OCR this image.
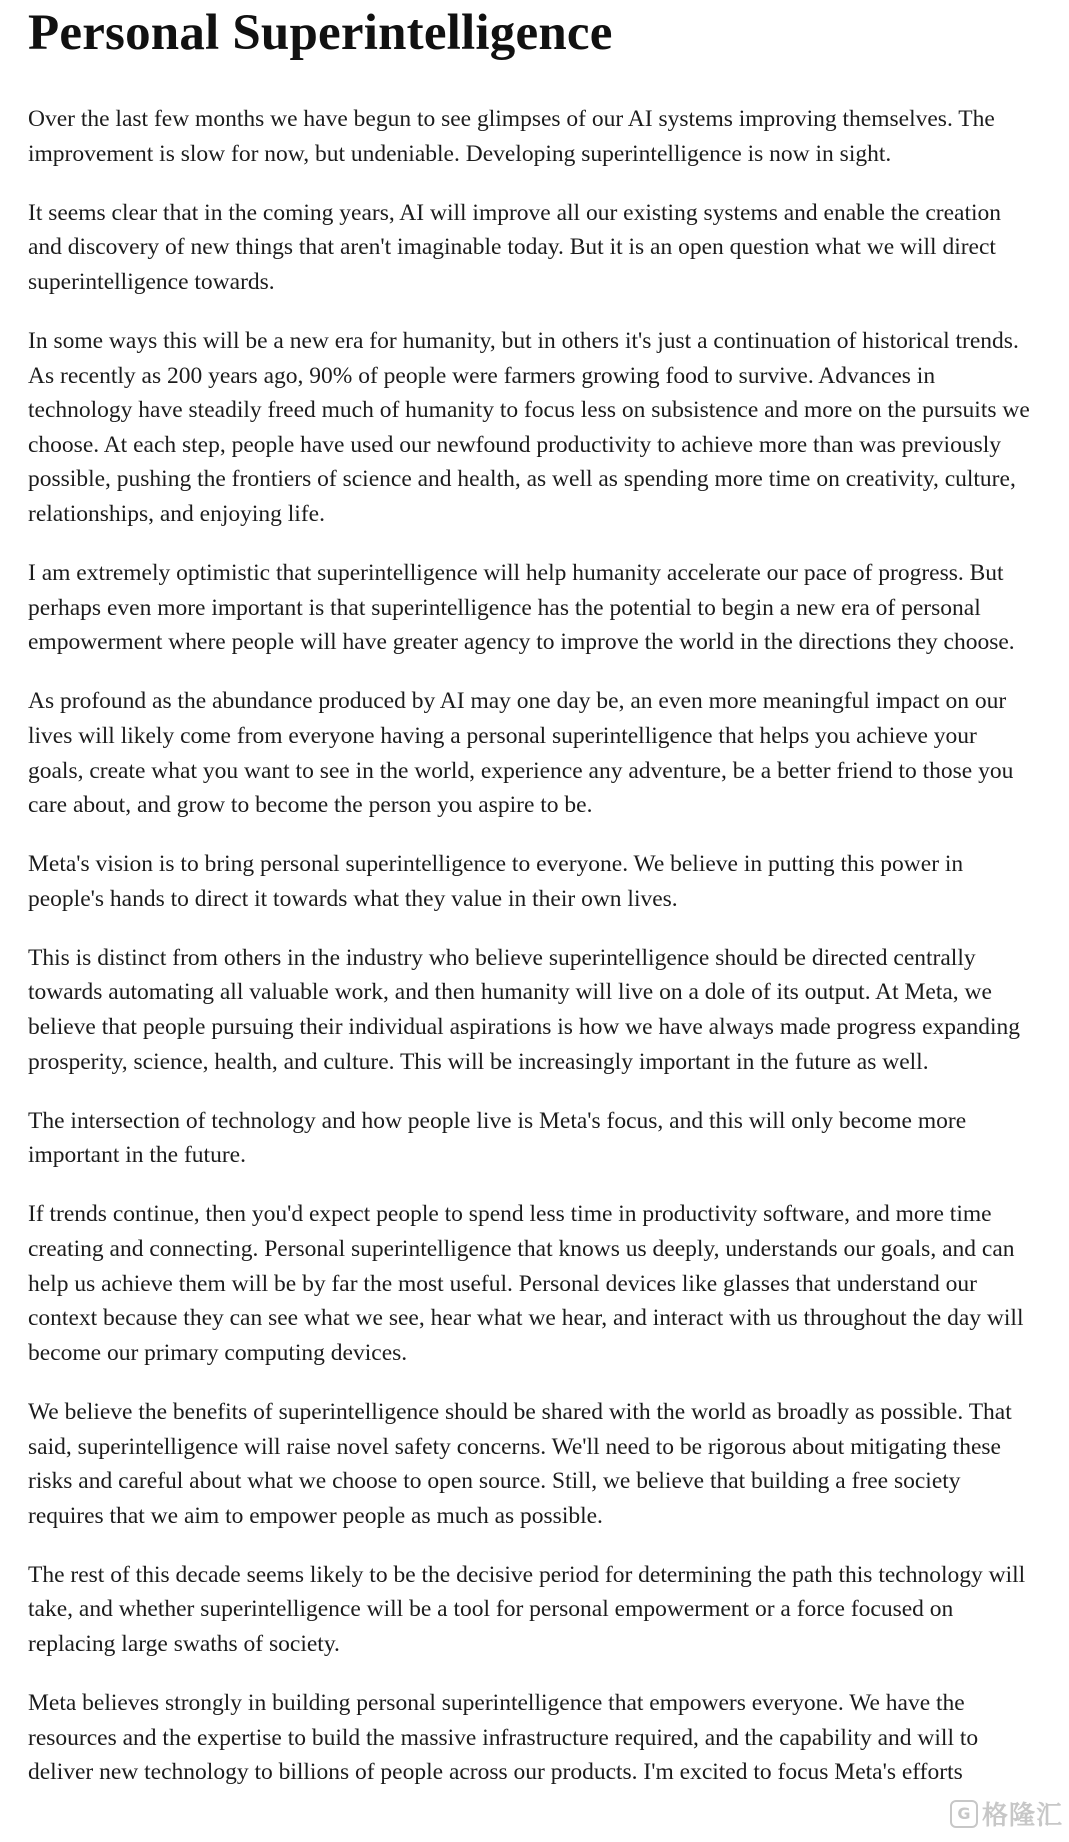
Personal Superintelligence

Over the last few months we have begun to see glimpses of our AI systems improving themselves. The improvement is slow for now, but undeniable. Developing superintelligence is now in sight.

It seems clear that in the coming years, AI will improve all our existing systems and enable the creation and discovery of new things that aren't imaginable today. But it is an open question what we will direct superintelligence towards.

In some ways this will be a new era for humanity, but in others it's just a continuation of historical trends. As recently as 200 years ago, 90% of people were farmers growing food to survive. Advances in technology have steadily freed much of humanity to focus less on subsistence and more on the pursuits we choose. At each step, people have used our newfound productivity to achieve more than was previously possible, pushing the frontiers of science and health, as well as spending more time on creativity, culture, relationships, and enjoying life.

I am extremely optimistic that superintelligence will help humanity accelerate our pace of progress. But perhaps even more important is that superintelligence has the potential to begin a new era of personal empowerment where people will have greater agency to improve the world in the directions they choose.

As profound as the abundance produced by AI may one day be, an even more meaningful impact on our lives will likely come from everyone having a personal superintelligence that helps you achieve your goals, create what you want to see in the world, experience any adventure, be a better friend to those you care about, and grow to become the person you aspire to be.

Meta's vision is to bring personal superintelligence to everyone. We believe in putting this power in people's hands to direct it towards what they value in their own lives.

This is distinct from others in the industry who believe superintelligence should be directed centrally towards automating all valuable work, and then humanity will live on a dole of its output. At Meta, we believe that people pursuing their individual aspirations is how we have always made progress expanding prosperity, science, health, and culture. This will be increasingly important in the future as well.

The intersection of technology and how people live is Meta's focus, and this will only become more important in the future.

If trends continue, then you'd expect people to spend less time in productivity software, and more time creating and connecting. Personal superintelligence that knows us deeply, understands our goals, and can help us achieve them will be by far the most useful. Personal devices like glasses that understand our context because they can see what we see, hear what we hear, and interact with us throughout the day will become our primary computing devices.

We believe the benefits of superintelligence should be shared with the world as broadly as possible. That said, superintelligence will raise novel safety concerns. We'll need to be rigorous about mitigating these risks and careful about what we choose to open source. Still, we believe that building a free society requires that we aim to empower people as much as possible.

The rest of this decade seems likely to be the decisive period for determining the path this technology will take, and whether superintelligence will be a tool for personal empowerment or a force focused on replacing large swaths of society.

Meta believes strongly in building personal superintelligence that empowers everyone. We have the resources and the expertise to build the massive infrastructure required, and the capability and will to deliver new technology to billions of people across our products. I'm excited to focus Meta's efforts

G 格隆汇
